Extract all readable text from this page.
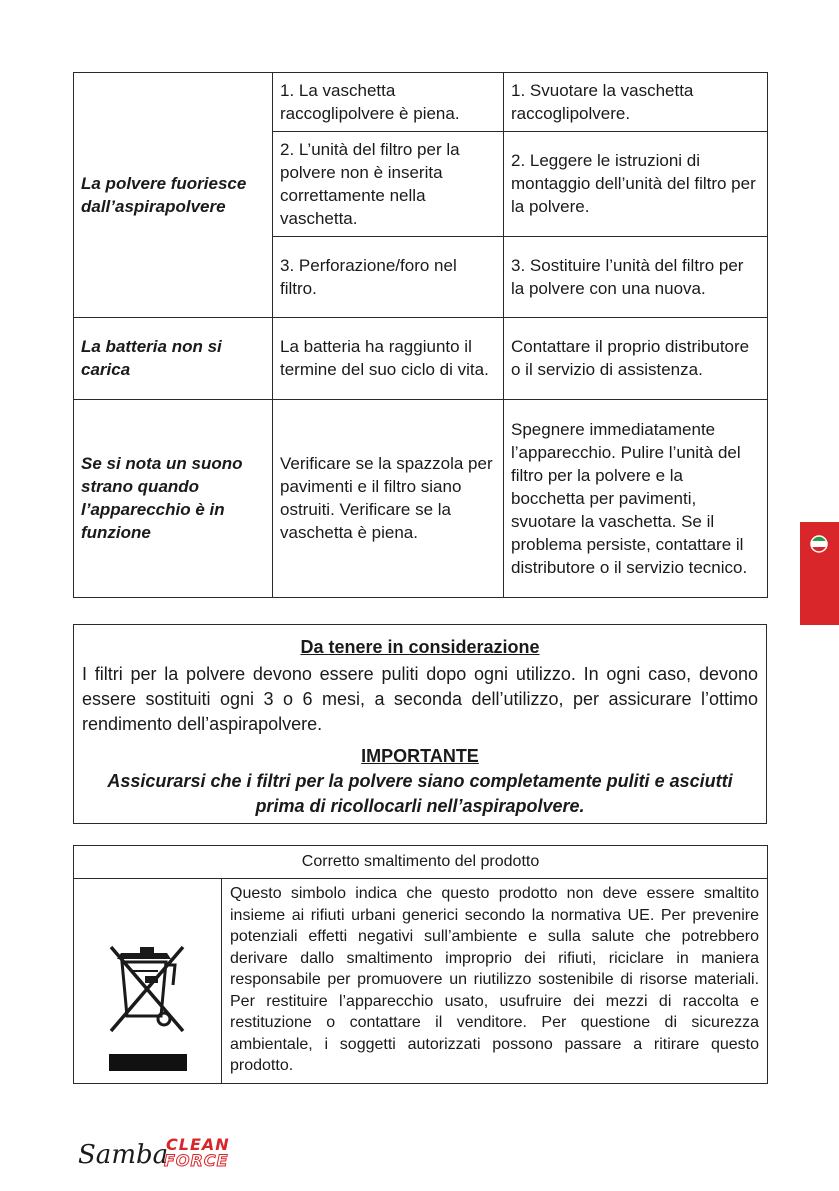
La polvere fuoriesce dall’aspirapolvere	1. La vaschetta raccoglipolvere è piena.	1. Svuotare la vaschetta raccoglipolvere.
	2. L’unità del filtro per la polvere non è inserita correttamente nella vaschetta.	2. Leggere le istruzioni di montaggio dell’unità del filtro per la polvere.
	3. Perforazione/foro nel filtro.	3. Sostituire l’unità del filtro per la polvere con una nuova.
La batteria non si carica	La batteria ha raggiunto il termine del suo ciclo di vita.	Contattare il proprio distributore o il servizio di assistenza.
Se si nota un suono strano quando l’apparecchio è in funzione	Verificare se la spazzola per pavimenti e il filtro siano ostruiti. Verificare se la vaschetta è piena.	Spegnere immediatamente l’apparecchio. Pulire l’unità del filtro per la polvere e la bocchetta per pavimenti, svuotare la vaschetta. Se il problema persiste, contattare il distributore o il servizio tecnico.
Da tenere in considerazione
I filtri per la polvere devono essere puliti dopo ogni utilizzo. In ogni caso, devono essere sostituiti ogni 3 o 6 mesi, a seconda dell’utilizzo, per assicurare l’ottimo rendimento dell’aspirapolvere.
IMPORTANTE
Assicurarsi che i filtri per la polvere siano completamente puliti e asciutti prima di ricollocarli nell’aspirapolvere.
Corretto smaltimento del prodotto

	Questo simbolo indica che questo prodotto non deve essere smaltito insieme ai rifiuti urbani generici secondo la normativa UE. Per prevenire potenziali effetti negativi sull’ambiente e sulla salute che potrebbero derivare dallo smaltimento improprio dei rifiuti, riciclare in maniera responsabile per promuovere un riutilizzo sostenibile di risorse materiali. Per restituire l’apparecchio usato, usufruire dei mezzi di raccolta e restituzione o contattare il venditore. Per questione di sicurezza ambientale, i soggetti autorizzati possono passare a ritirare questo prodotto.
Samba
CLEAN
FORCE
